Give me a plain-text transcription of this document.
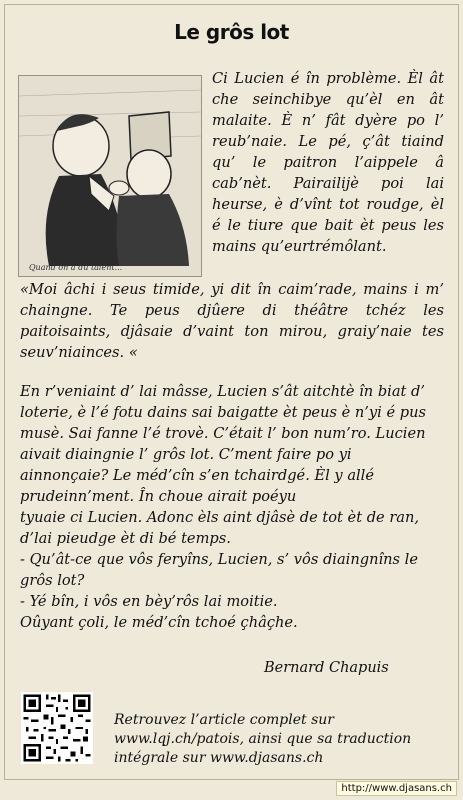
Le grôs lot
Quand on a du talent...
Ci Lucien é în problème. Èl ât che seinchibye qu’èl en ât malaite. È n’ fât dyère po l’ reub’naie. Le pé, ç’ât tiaind qu’ le paitron l’aippele â cab’nèt. Pairailijè poi lai heurse, è d’vînt tot roudge, èl é le tiure que bait èt peus les mains qu’eurtrémôlant.
«Moi âchi i seus timide, yi dit în caim’rade, mains i m’ chaingne. Te peus djûere di théâtre tchéz les paitoisaints, djâsaie d’vaint ton mirou, graiy’naie tes seuv’niainces. «

En r’veniaint d’ lai mâsse, Lucien s’ât aitchtè în biat d’ loterie, è l’é fotu dains sai baigatte èt peus è n’yi é pus musè. Sai fanne l’é trovè. C’était l’ bon num’ro. Lucien aivait diaingnie l’ grôs lot. C’ment faire po yi ainnonçaie? Le méd’cîn s’en tchairdgé. Èl y allé prudeinn’ment. În choue airait poéyu

tyuaie ci Lucien. Adonc èls aint djâsè de tot èt de ran, d’lai pieudge èt di bé temps.

- Qu’ât-ce que vôs feryîns, Lucien, s’ vôs diaingnîns le grôs lot?

- Yé bîn, i vôs en bèy’rôs lai moitie.

Oûyant çoli, le méd’cîn tchoé çhâçhe.

Bernard Chapuis
Retrouvez l’article complet sur www.lqj.ch/patois, ainsi que sa traduction intégrale sur www.djasans.ch
http://www.djasans.ch
